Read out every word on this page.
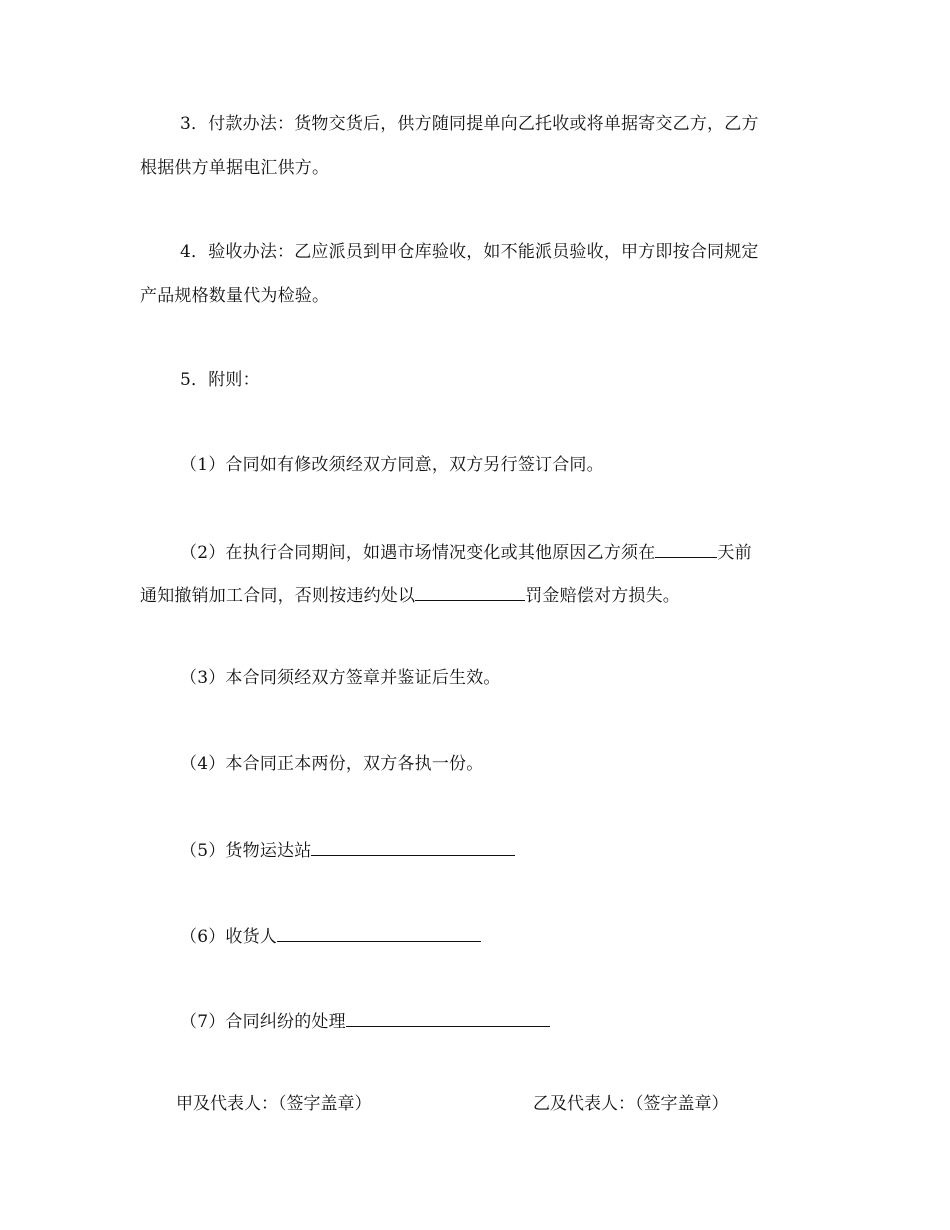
3．付款办法：货物交货后，供方随同提单向乙托收或将单据寄交乙方，乙方
根据供方单据电汇供方。
4．验收办法：乙应派员到甲仓库验收，如不能派员验收，甲方即按合同规定
产品规格数量代为检验。
5．附则：
（1）合同如有修改须经双方同意，双方另行签订合同。
（2）在执行合同期间，如遇市场情况变化或其他原因乙方须在	天前
通知撤销加工合同，否则按违约处以	罚金赔偿对方损失。
（3）本合同须经双方签章并鉴证后生效。
（4）本合同正本两份，双方各执一份。
（5）货物运达站
（6）收货人
（7）合同纠纷的处理
甲及代表人：（签字盖章）	乙及代表人：（签字盖章）
